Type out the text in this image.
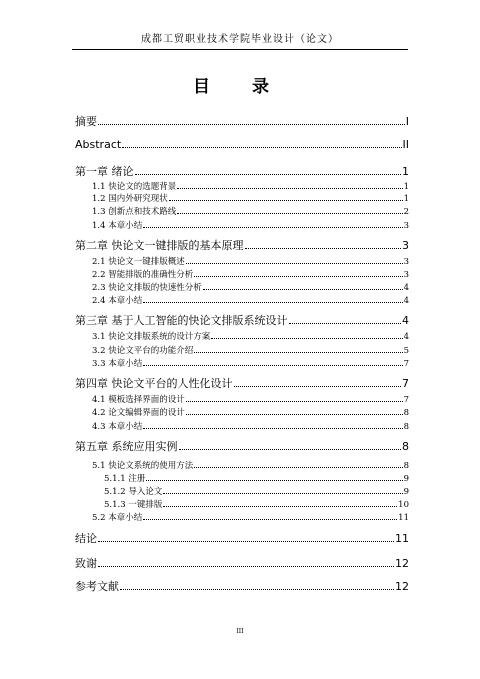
成都工贸职业技术学院毕业设计（论文）
目 录
摘要	I
Abstract	II
第一章 绪论	1
1.1 快论文的选题背景	1
1.2 国内外研究现状	1
1.3 创新点和技术路线	2
1.4 本章小结	3
第二章 快论文一键排版的基本原理	3
2.1 快论文一键排版概述	3
2.2 智能排版的准确性分析	3
2.3 快论文排版的快速性分析	4
2.4 本章小结	4
第三章 基于人工智能的快论文排版系统设计	4
3.1 快论文排版系统的设计方案	4
3.2 快论文平台的功能介绍	5
3.3 本章小结	7
第四章 快论文平台的人性化设计	7
4.1 模板选择界面的设计	7
4.2 论文编辑界面的设计	8
4.3 本章小结	8
第五章 系统应用实例	8
5.1 快论文系统的使用方法	8
5.1.1 注册	9
5.1.2 导入论文	9
5.1.3 一键排版	10
5.2 本章小结	11
结论	11
致谢	12
参考文献	12
III
